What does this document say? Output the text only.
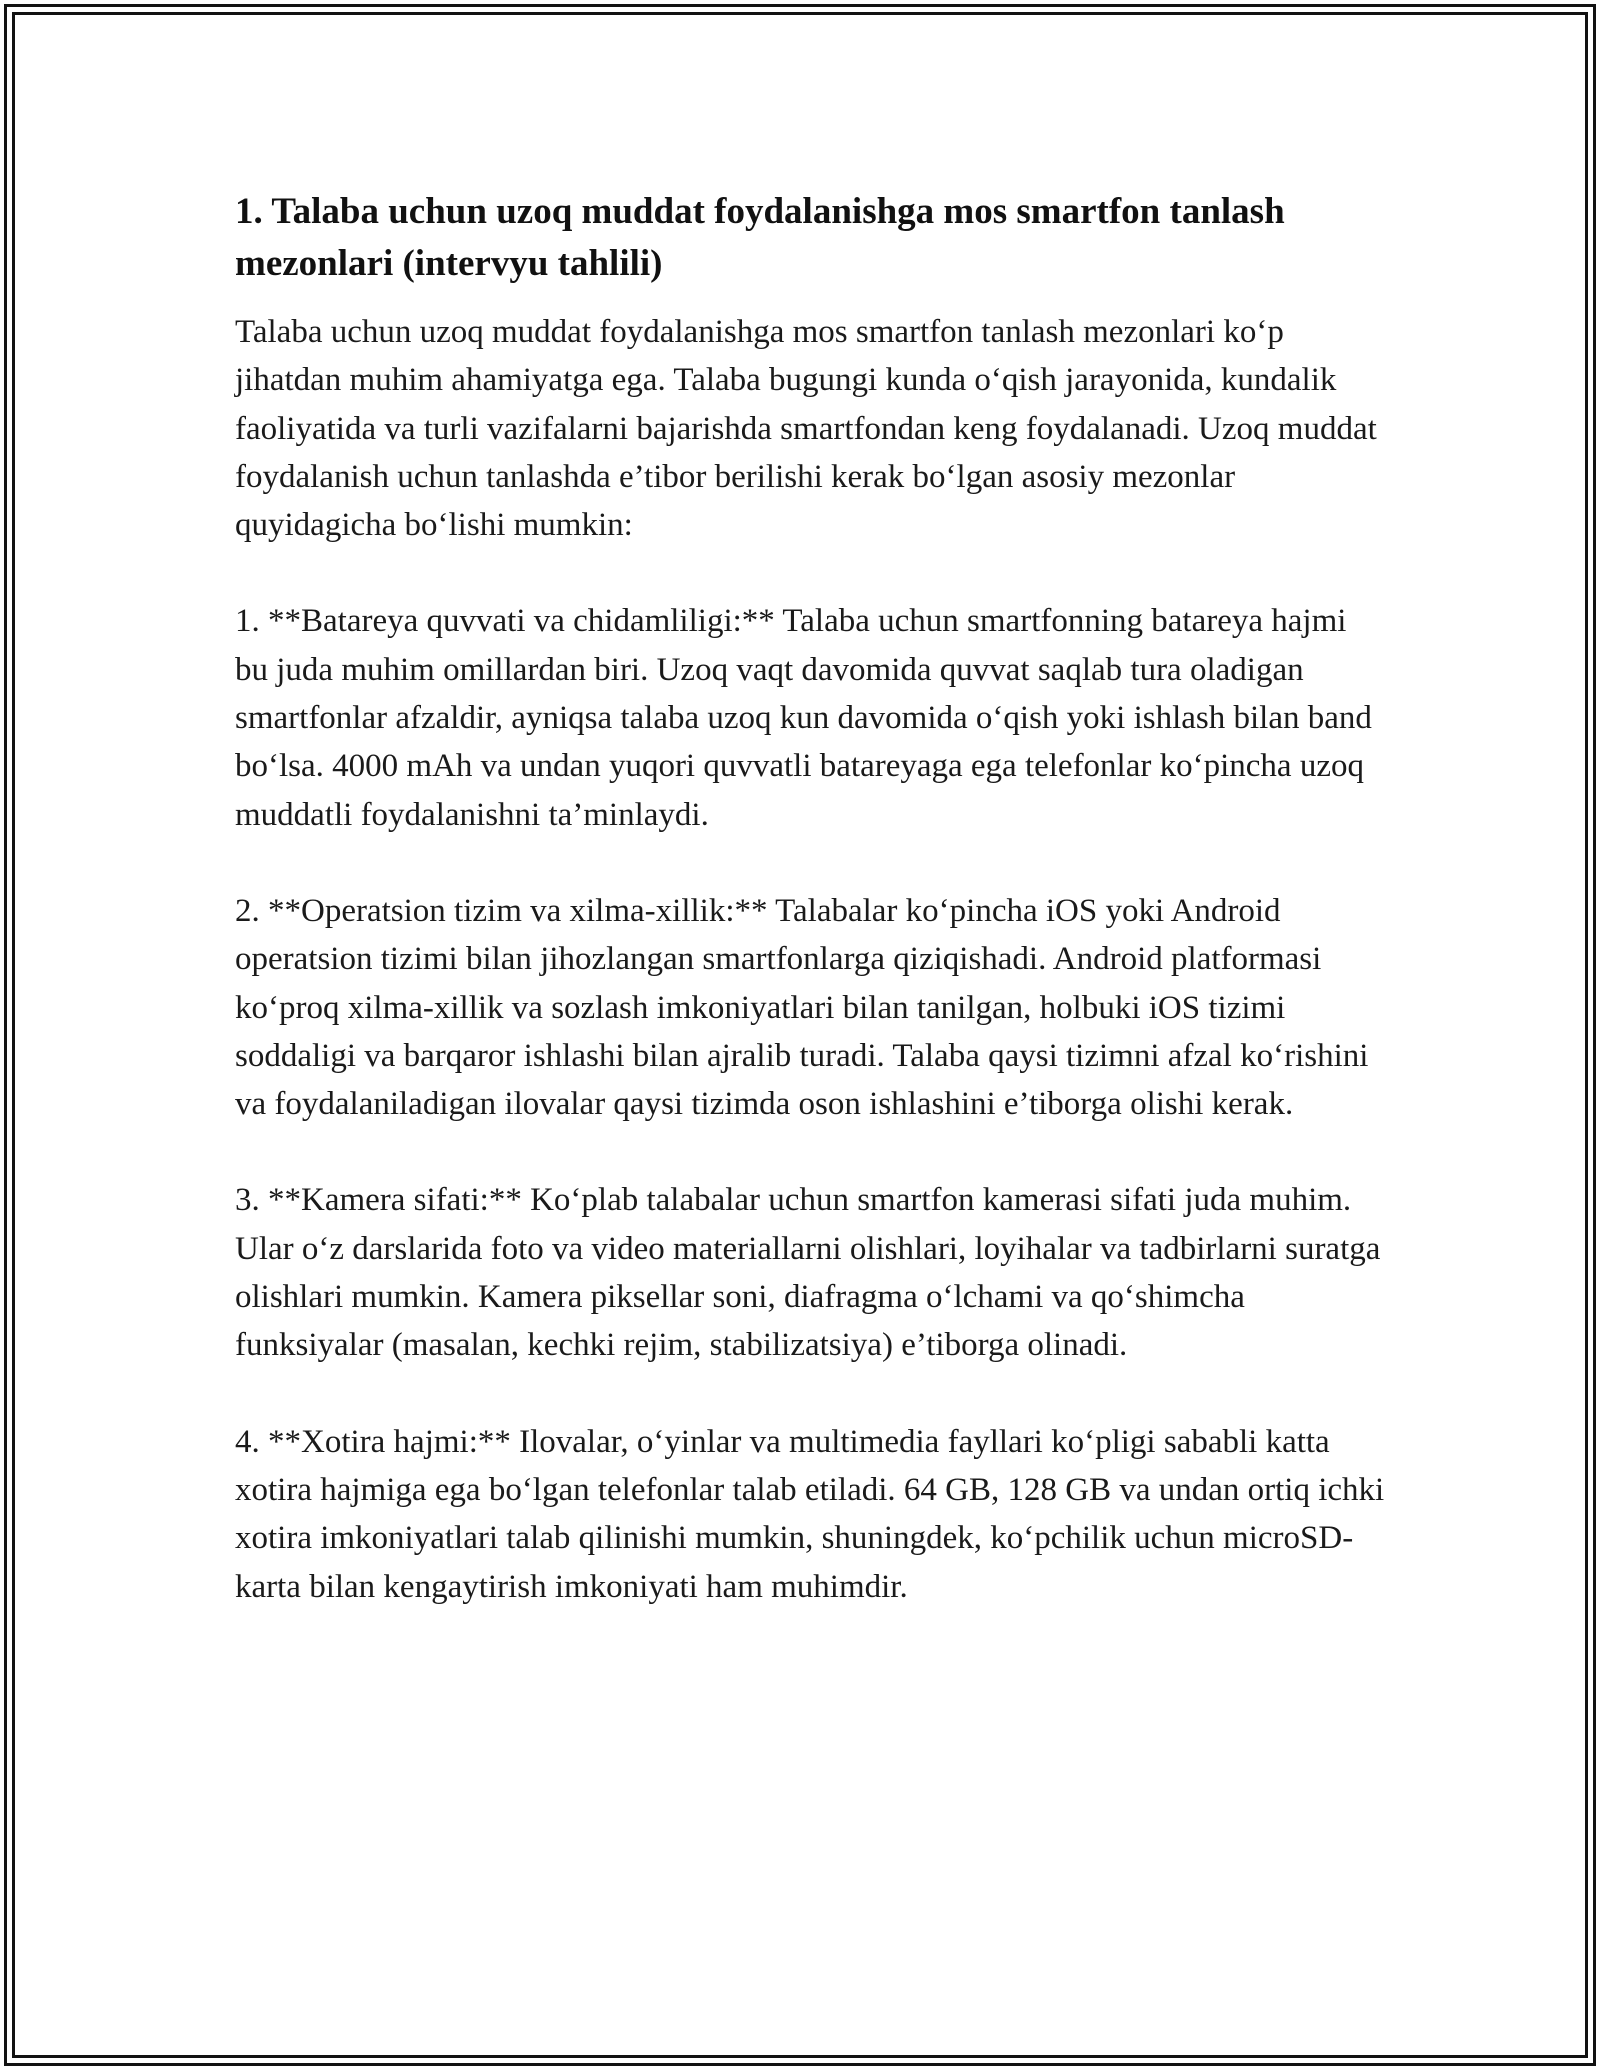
1. Talaba uchun uzoq muddat foydalanishga mos smartfon tanlash mezonlari (intervyu tahlili)

Talaba uchun uzoq muddat foydalanishga mos smartfon tanlash mezonlari ko‘p jihatdan muhim ahamiyatga ega. Talaba bugungi kunda o‘qish jarayonida, kundalik faoliyatida va turli vazifalarni bajarishda smartfondan keng foydalanadi. Uzoq muddat foydalanish uchun tanlashda e’tibor berilishi kerak bo‘lgan asosiy mezonlar quyidagicha bo‘lishi mumkin:

1. **Batareya quvvati va chidamliligi:** Talaba uchun smartfonning batareya hajmi bu juda muhim omillardan biri. Uzoq vaqt davomida quvvat saqlab tura oladigan smartfonlar afzaldir, ayniqsa talaba uzoq kun davomida o‘qish yoki ishlash bilan band bo‘lsa. 4000 mAh va undan yuqori quvvatli batareyaga ega telefonlar ko‘pincha uzoq muddatli foydalanishni ta’minlaydi.

2. **Operatsion tizim va xilma-xillik:** Talabalar ko‘pincha iOS yoki Android operatsion tizimi bilan jihozlangan smartfonlarga qiziqishadi. Android platformasi ko‘proq xilma-xillik va sozlash imkoniyatlari bilan tanilgan, holbuki iOS tizimi soddaligi va barqaror ishlashi bilan ajralib turadi. Talaba qaysi tizimni afzal ko‘rishini va foydalaniladigan ilovalar qaysi tizimda oson ishlashini e’tiborga olishi kerak.

3. **Kamera sifati:** Ko‘plab talabalar uchun smartfon kamerasi sifati juda muhim. Ular o‘z darslarida foto va video materiallarni olishlari, loyihalar va tadbirlarni suratga olishlari mumkin. Kamera piksellar soni, diafragma o‘lchami va qo‘shimcha funksiyalar (masalan, kechki rejim, stabilizatsiya) e’tiborga olinadi.

4. **Xotira hajmi:** Ilovalar, o‘yinlar va multimedia fayllari ko‘pligi sababli katta xotira hajmiga ega bo‘lgan telefonlar talab etiladi. 64 GB, 128 GB va undan ortiq ichki xotira imkoniyatlari talab qilinishi mumkin, shuningdek, ko‘pchilik uchun microSD-karta bilan kengaytirish imkoniyati ham muhimdir.
